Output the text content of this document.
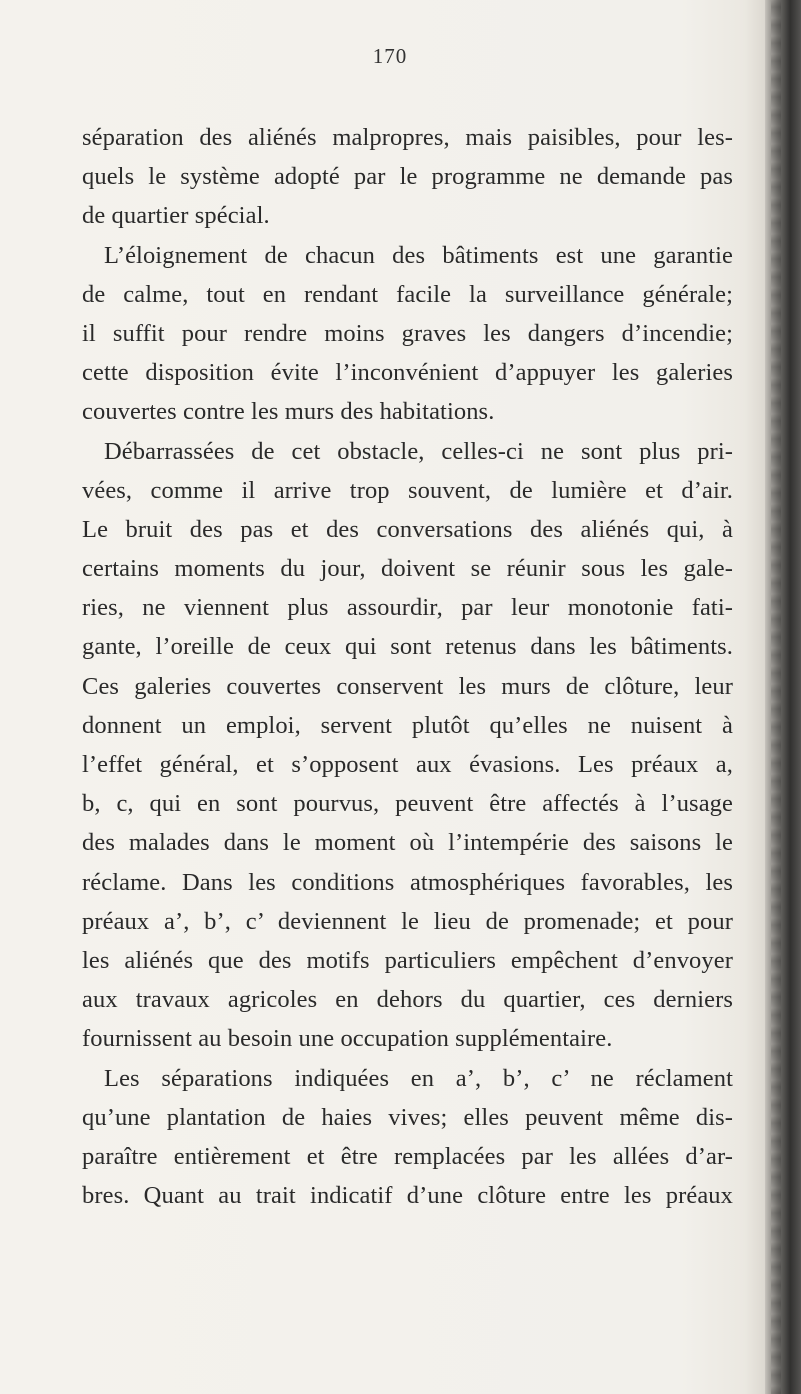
170
séparation des aliénés malpropres, mais paisibles, pour les-
quels le système adopté par le programme ne demande pas
de quartier spécial.
L’éloignement de chacun des bâtiments est une garantie
de calme, tout en rendant facile la surveillance générale;
il suffit pour rendre moins graves les dangers d’incendie;
cette disposition évite l’inconvénient d’appuyer les galeries
couvertes contre les murs des habitations.
Débarrassées de cet obstacle, celles-ci ne sont plus pri-
vées, comme il arrive trop souvent, de lumière et d’air.
Le bruit des pas et des conversations des aliénés qui, à
certains moments du jour, doivent se réunir sous les gale-
ries, ne viennent plus assourdir, par leur monotonie fati-
gante, l’oreille de ceux qui sont retenus dans les bâtiments.
Ces galeries couvertes conservent les murs de clôture, leur
donnent un emploi, servent plutôt qu’elles ne nuisent à
l’effet général, et s’opposent aux évasions. Les préaux a,
b, c, qui en sont pourvus, peuvent être affectés à l’usage
des malades dans le moment où l’intempérie des saisons le
réclame. Dans les conditions atmosphériques favorables, les
préaux a’, b’, c’ deviennent le lieu de promenade; et pour
les aliénés que des motifs particuliers empêchent d’envoyer
aux travaux agricoles en dehors du quartier, ces derniers
fournissent au besoin une occupation supplémentaire.
Les séparations indiquées en a’, b’, c’ ne réclament
qu’une plantation de haies vives; elles peuvent même dis-
paraître entièrement et être remplacées par les allées d’ar-
bres. Quant au trait indicatif d’une clôture entre les préaux
